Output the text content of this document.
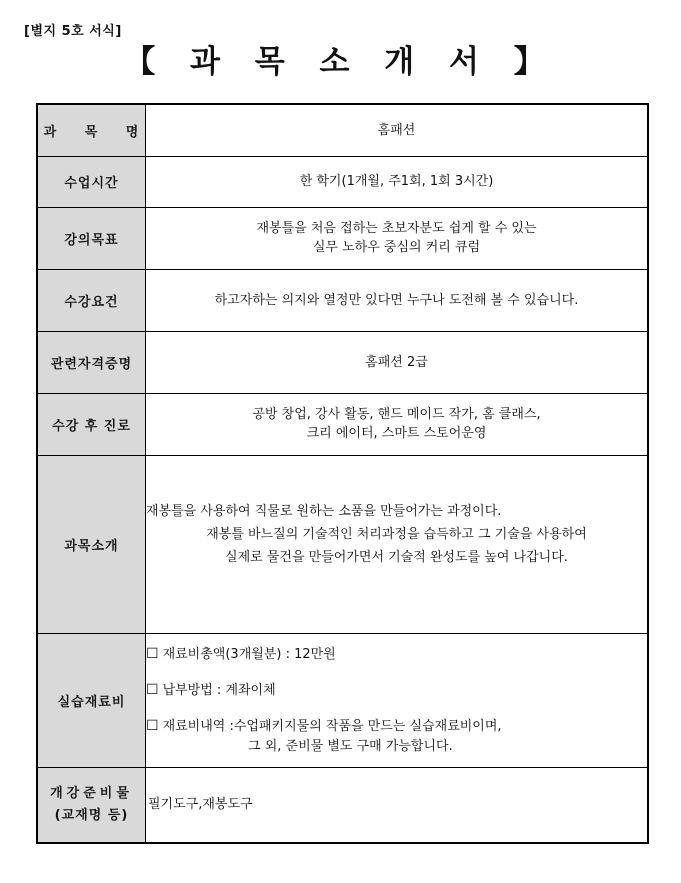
[별지 5호 서식]
【 과 목 소 개 서 】
과 목 명	홈패션
수업시간	한 학기(1개월, 주1회, 1회 3시간)
강의목표	재봉틀을 처음 접하는 초보자분도 쉽게 할 수 있는
실무 노하우 중심의 커리 큐럼

수강요건	하고자하는 의지와 열정만 있다면 누구나 도전해 볼 수 있습니다.
관련자격증명	홈패션 2급
수강 후 진로	공방 창업, 강사 활동, 핸드 메이드 작가, 홈 클래스,
크리 에이터, 스마트 스토어운영

과목소개	재봉틀을 사용하여 직물로 원하는 소품을 만들어가는 과정이다.
재봉틀 바느질의 기술적인 처리과정을 습득하고 그 기술을 사용하여
실제로 물건을 만들어가면서 기술적 완성도를 높여 나갑니다.

실습재료비	☐ 재료비총액(3개월분) : 12만원
☐ 납부방법 : 계좌이체
☐ 재료비내역 :수업패키지물의 작품을 만드는 실습재료비이며,
그 외, 준비물 별도 구매 가능합니다.

개강준비물
(교재명 등)	필기도구,재봉도구
